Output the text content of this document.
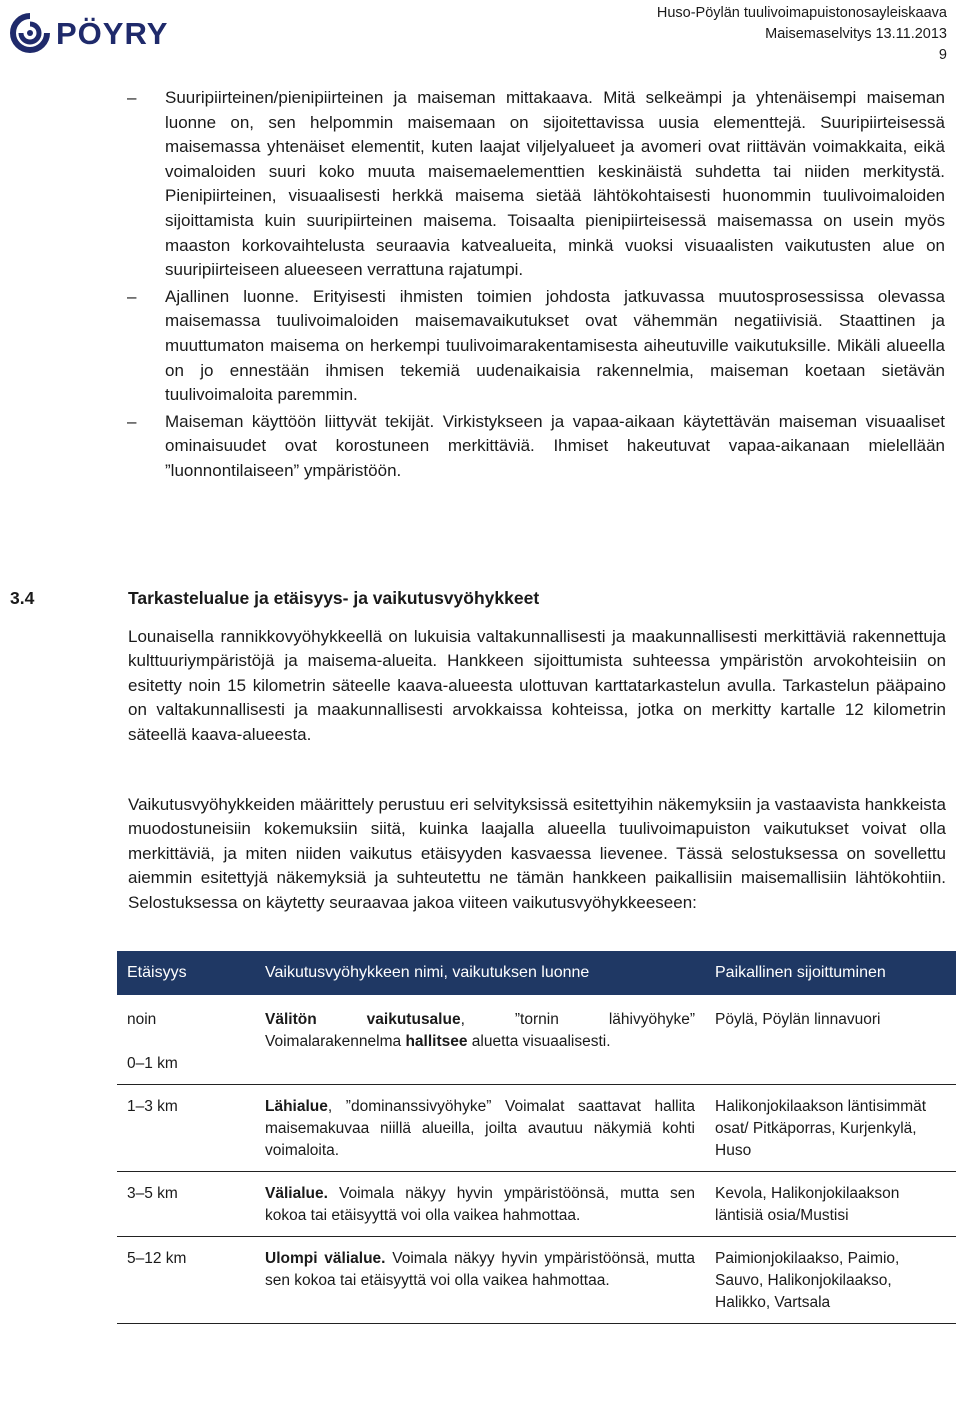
PÖYRY
Huso-Pöylän tuulivoimapuistonosayleiskaava
Maisemaselvitys 13.11.2013
9
– Suuripiirteinen/pienipiirteinen ja maiseman mittakaava. Mitä selkeämpi ja yhtenäisempi maiseman luonne on, sen helpommin maisemaan on sijoitettavissa uusia elementtejä. Suuripiirteisessä maisemassa yhtenäiset elementit, kuten laajat viljelyalueet ja avomeri ovat riittävän voimakkaita, eikä voimaloiden suuri koko muuta maisemaelementtien keskinäistä suhdetta tai niiden merkitystä. Pienipiirteinen, visuaalisesti herkkä maisema sietää lähtökohtaisesti huonommin tuulivoimaloiden sijoittamista kuin suuripiirteinen maisema. Toisaalta pienipiirteisessä maisemassa on usein myös maaston korkovaihtelusta seuraavia katvealueita, minkä vuoksi visuaalisten vaikutusten alue on suuripiirteiseen alueeseen verrattuna rajatumpi.

– Ajallinen luonne. Erityisesti ihmisten toimien johdosta jatkuvassa muutosprosessissa olevassa maisemassa tuulivoimaloiden maisemavaikutukset ovat vähemmän negatiivisiä. Staattinen ja muuttumaton maisema on herkempi tuulivoimarakentamisesta aiheutuville vaikutuksille. Mikäli alueella on jo ennestään ihmisen tekemiä uudenaikaisia rakennelmia, maiseman koetaan sietävän tuulivoimaloita paremmin.

– Maiseman käyttöön liittyvät tekijät. Virkistykseen ja vapaa-aikaan käytettävän maiseman visuaaliset ominaisuudet ovat korostuneen merkittäviä. Ihmiset hakeutuvat vapaa-aikanaan mielellään ”luonnontilaiseen” ympäristöön.

3.4	Tarkastelualue ja etäisyys- ja vaikutusvyöhykkeet

Lounaisella rannikkovyöhykkeellä on lukuisia valtakunnallisesti ja maakunnallisesti merkittäviä rakennettuja kulttuuriympäristöjä ja maisema-alueita. Hankkeen sijoittumista suhteessa ympäristön arvokohteisiin on esitetty noin 15 kilometrin säteelle kaava-alueesta ulottuvan karttatarkastelun avulla. Tarkastelun pääpaino on valtakunnallisesti ja maakunnallisesti arvokkaissa kohteissa, jotka on merkitty kartalle 12 kilometrin säteellä kaava-alueesta.

Vaikutusvyöhykkeiden määrittely perustuu eri selvityksissä esitettyihin näkemyksiin ja vastaavista hankkeista muodostuneisiin kokemuksiin siitä, kuinka laajalla alueella tuulivoimapuiston vaikutukset voivat olla merkittäviä, ja miten niiden vaikutus etäisyyden kasvaessa lievenee. Tässä selostuksessa on sovellettu aiemmin esitettyjä näkemyksiä ja suhteutettu ne tämän hankkeen paikallisiin maisemallisiin lähtökohtiin. Selostuksessa on käytetty seuraavaa jakoa viiteen vaikutusvyöhykkeeseen:

Etäisyys	Vaikutusvyöhykkeen nimi, vaikutuksen luonne	Paikallinen sijoittuminen

noin
0–1 km	Välitön vaikutusalue, ”tornin lähivyöhyke” Voimalarakennelma hallitsee aluetta visuaalisesti.	Pöylä, Pöylän linnavuori
1–3 km	Lähialue, ”dominanssivyöhyke” Voimalat saattavat hallita maisemakuvaa niillä alueilla, joilta avautuu näkymiä kohti voimaloita.	Halikonjokilaakson läntisimmät osat/ Pitkäporras, Kurjenkylä, Huso
3–5 km	Välialue. Voimala näkyy hyvin ympäristöönsä, mutta sen kokoa tai etäisyyttä voi olla vaikea hahmottaa.	Kevola, Halikonjokilaakson läntisiä osia/Mustisi
5–12 km	Ulompi välialue. Voimala näkyy hyvin ympäristöönsä, mutta sen kokoa tai etäisyyttä voi olla vaikea hahmottaa.	Paimionjokilaakso, Paimio, Sauvo, Halikonjokilaakso, Halikko, Vartsala
